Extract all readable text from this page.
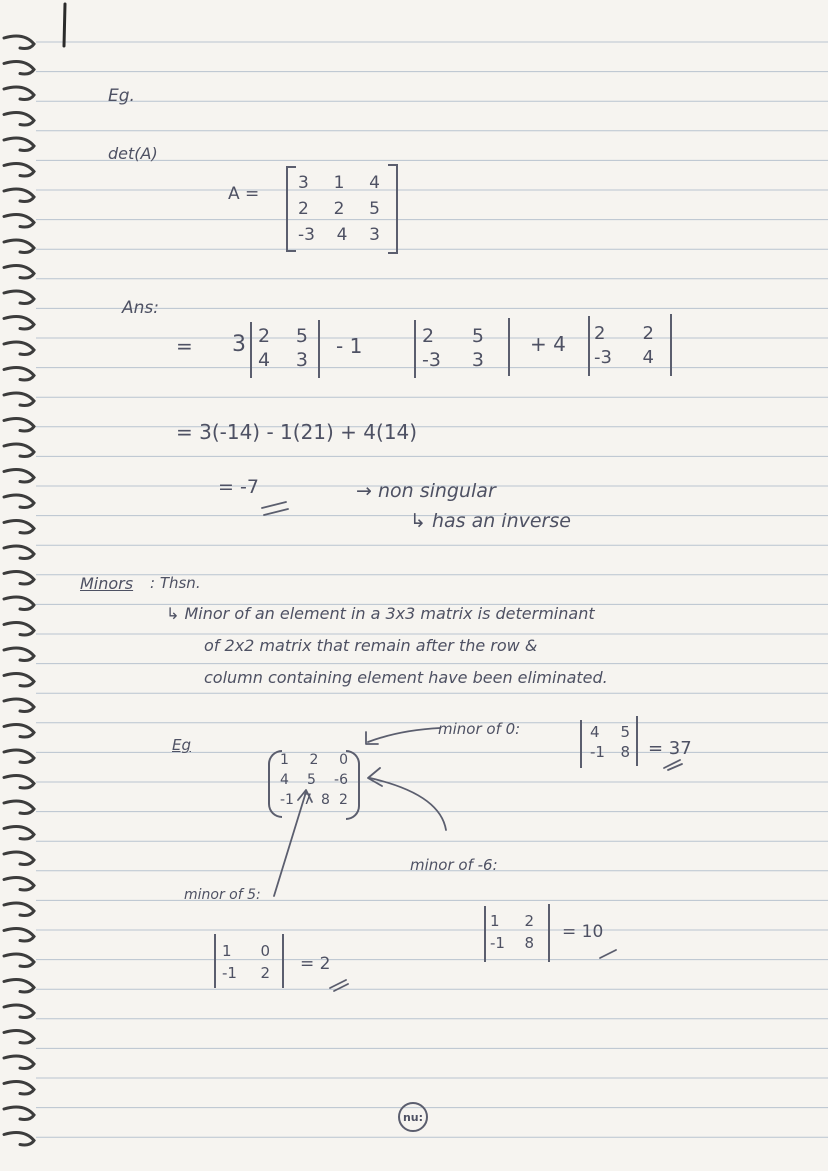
Eg.
det(A)
A =
3 1 4
2 2 5
-3 4 3
Ans:
= 3 2 5
4 3
- 1	2 5
-3 3
+ 4 2 2
-3 4
= 3(-14) - 1(21) + 4(14)
= -7	→ non singular
↳ has an inverse
Minors : Thsn.
↳ Minor of an element in a 3x3 matrix is determinant
of 2x2 matrix that remain after the row &
column containing element have been eliminated.
Eg
1 2 0
4 5 -6
-1 7 8 2
minor of 0:	4 5
-1 8 = 37
minor of -6:
1 2
-1 8
= 10
minor of 5:
1 0
-1 2 = 2
nu:
